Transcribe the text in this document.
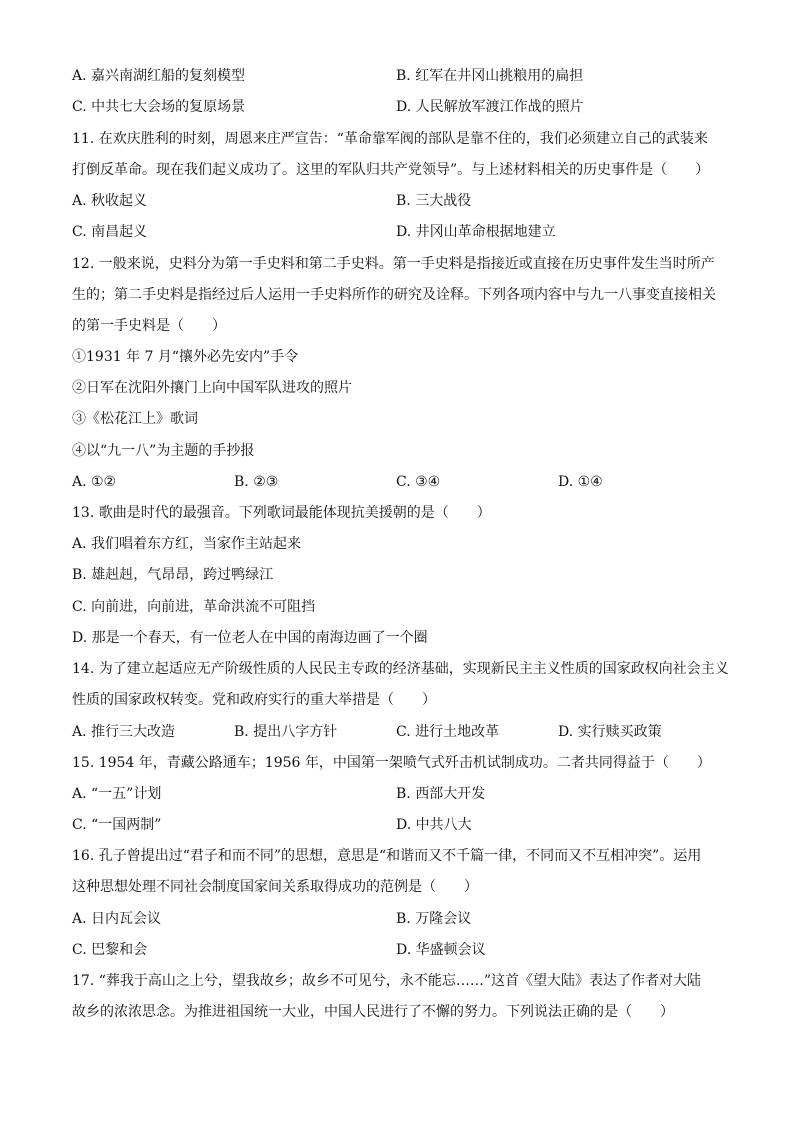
A. 嘉兴南湖红船的复刻模型	B. 红军在井冈山挑粮用的扁担
C. 中共七大会场的复原场景	D. 人民解放军渡江作战的照片
11. 在欢庆胜利的时刻，周恩来庄严宣告：“革命靠军阀的部队是靠不住的，我们必须建立自己的武装来
打倒反革命。现在我们起义成功了。这里的军队归共产党领导”。与上述材料相关的历史事件是（　　）
A. 秋收起义	B. 三大战役
C. 南昌起义	D. 井冈山革命根据地建立
12. 一般来说，史料分为第一手史料和第二手史料。第一手史料是指接近或直接在历史事件发生当时所产
生的；第二手史料是指经过后人运用一手史料所作的研究及诠释。下列各项内容中与九一八事变直接相关
的第一手史料是（　　）
①1931 年 7 月“攘外必先安内”手令
②日军在沈阳外攘门上向中国军队进攻的照片
③《松花江上》歌词
④以“九一八”为主题的手抄报
A. ①②	B. ②③	C. ③④	D. ①④
13. 歌曲是时代的最强音。下列歌词最能体现抗美援朝的是（　　）
A. 我们唱着东方红，当家作主站起来
B. 雄赳赳，气昂昂，跨过鸭绿江
C. 向前进，向前进，革命洪流不可阻挡
D. 那是一个春天，有一位老人在中国的南海边画了一个圈
14. 为了建立起适应无产阶级性质的人民民主专政的经济基础，实现新民主主义性质的国家政权向社会主义
性质的国家政权转变。党和政府实行的重大举措是（　　）
A. 推行三大改造	B. 提出八字方针	C. 进行土地改革	D. 实行赎买政策
15. 1954 年，青藏公路通车；1956 年，中国第一架喷气式歼击机试制成功。二者共同得益于（　　）
A. “一五”计划	B. 西部大开发
C. “一国两制”	D. 中共八大
16. 孔子曾提出过“君子和而不同”的思想，意思是“和谐而又不千篇一律，不同而又不互相冲突”。运用
这种思想处理不同社会制度国家间关系取得成功的范例是（　　）
A. 日内瓦会议	B. 万隆会议
C. 巴黎和会	D. 华盛顿会议
17. “葬我于高山之上兮，望我故乡；故乡不可见兮，永不能忘……”这首《望大陆》表达了作者对大陆
故乡的浓浓思念。为推进祖国统一大业，中国人民进行了不懈的努力。下列说法正确的是（　　）
